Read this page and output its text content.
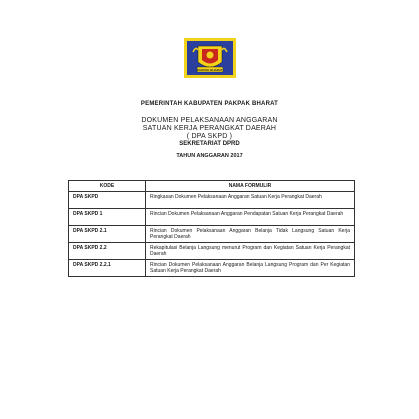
PAKPAK BHARAT
PEMERINTAH KABUPATEN PAKPAK BHARAT
DOKUMEN PELAKSANAAN ANGGARAN
SATUAN KERJA PERANGKAT DAERAH
( DPA SKPD )
SEKRETARIAT DPRD
TAHUN ANGGARAN 2017
KODE	NAMA FORMULIR
DPA SKPD	Ringkasan Dokumen Pelaksanaan Anggaran Satuan Kerja Perangkat Daerah
DPA SKPD 1	Rincian Dokumen Pelaksanaan Anggaran Pendapatan Satuan Kerja Perangkat Daerah
DPA SKPD 2.1	Rincian Dokumen Pelaksanaan Anggaran Belanja Tidak Langsung Satuan Kerja Perangkat Daerah
DPA SKPD 2.2	Rekapitulasi Belanja Langsung menurut Program dan Kegiatan Satuan Kerja Perangkat Daerah
DPA SKPD 2.2.1	Rincian Dokumen Pelaksanaan Anggaran Belanja Langsung Program dan Per Kegiatan Satuan Kerja Perangkat Daerah
